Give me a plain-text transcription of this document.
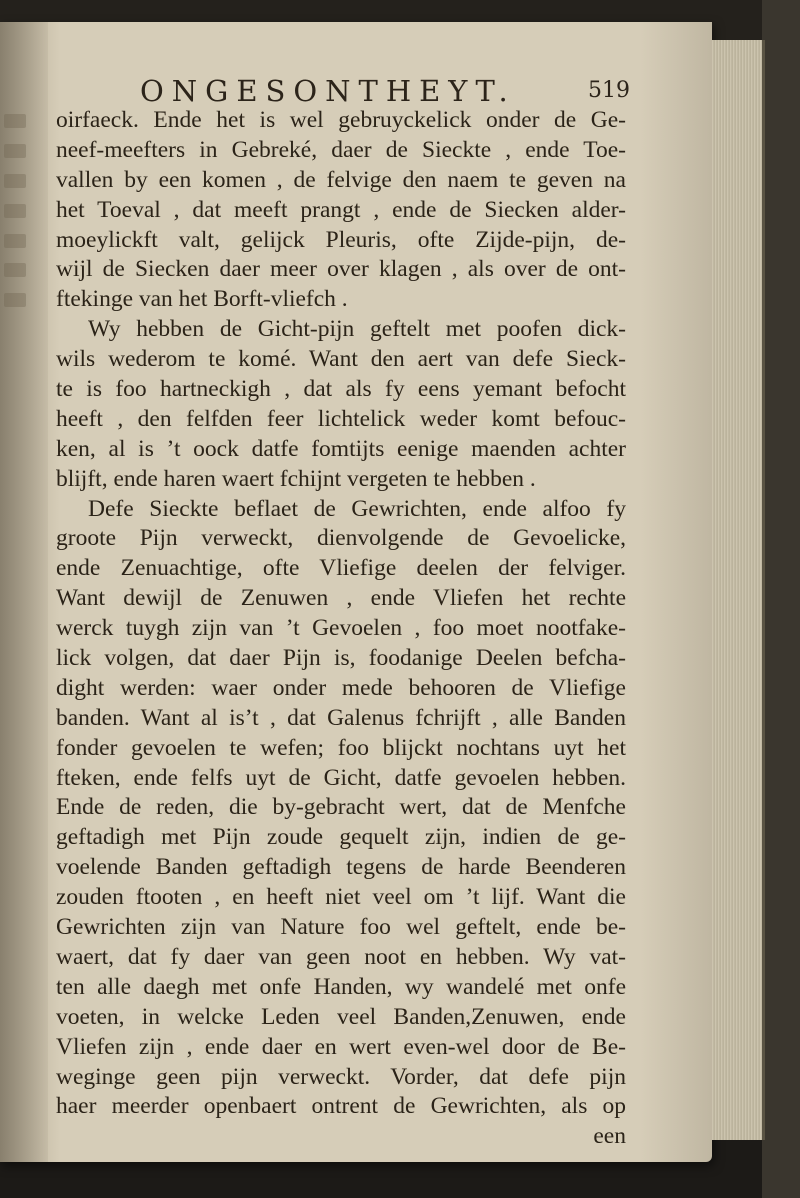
ONGESONTHEYT.	519
oirfaeck. Ende het is wel gebruyckelick onder de Ge-
neef-meefters in Gebreké, daer de Sieckte , ende Toe-
vallen by een komen , de felvige den naem te geven na
het Toeval , dat meeft prangt , ende de Siecken alder-
moeylickft valt, gelijck Pleuris, ofte Zijde-pijn, de-
wijl de Siecken daer meer over klagen , als over de ont-
ftekinge van het Borft-vliefch .
Wy hebben de Gicht-pijn geftelt met poofen dick-
wils wederom te komé. Want den aert van defe Sieck-
te is foo hartneckigh , dat als fy eens yemant befocht
heeft , den felfden feer lichtelick weder komt befouc-
ken, al is ’t oock datfe fomtijts eenige maenden achter
blijft, ende haren waert fchijnt vergeten te hebben .
Defe Sieckte beflaet de Gewrichten, ende alfoo fy
groote Pijn verweckt, dienvolgende de Gevoelicke,
ende Zenuachtige, ofte Vliefige deelen der felviger.
Want dewijl de Zenuwen , ende Vliefen het rechte
werck tuygh zijn van ’t Gevoelen , foo moet nootfake-
lick volgen, dat daer Pijn is, foodanige Deelen befcha-
dight werden: waer onder mede behooren de Vliefige
banden. Want al is’t , dat Galenus fchrijft , alle Banden
fonder gevoelen te wefen; foo blijckt nochtans uyt het
fteken, ende felfs uyt de Gicht, datfe gevoelen hebben.
Ende de reden, die by-gebracht wert, dat de Menfche
geftadigh met Pijn zoude gequelt zijn, indien de ge-
voelende Banden geftadigh tegens de harde Beenderen
zouden ftooten , en heeft niet veel om ’t lijf. Want die
Gewrichten zijn van Nature foo wel geftelt, ende be-
waert, dat fy daer van geen noot en hebben. Wy vat-
ten alle daegh met onfe Handen, wy wandelé met onfe
voeten, in welcke Leden veel Banden,Zenuwen, ende
Vliefen zijn , ende daer en wert even-wel door de Be-
weginge geen pijn verweckt. Vorder, dat defe pijn
haer meerder openbaert ontrent de Gewrichten, als op
een
